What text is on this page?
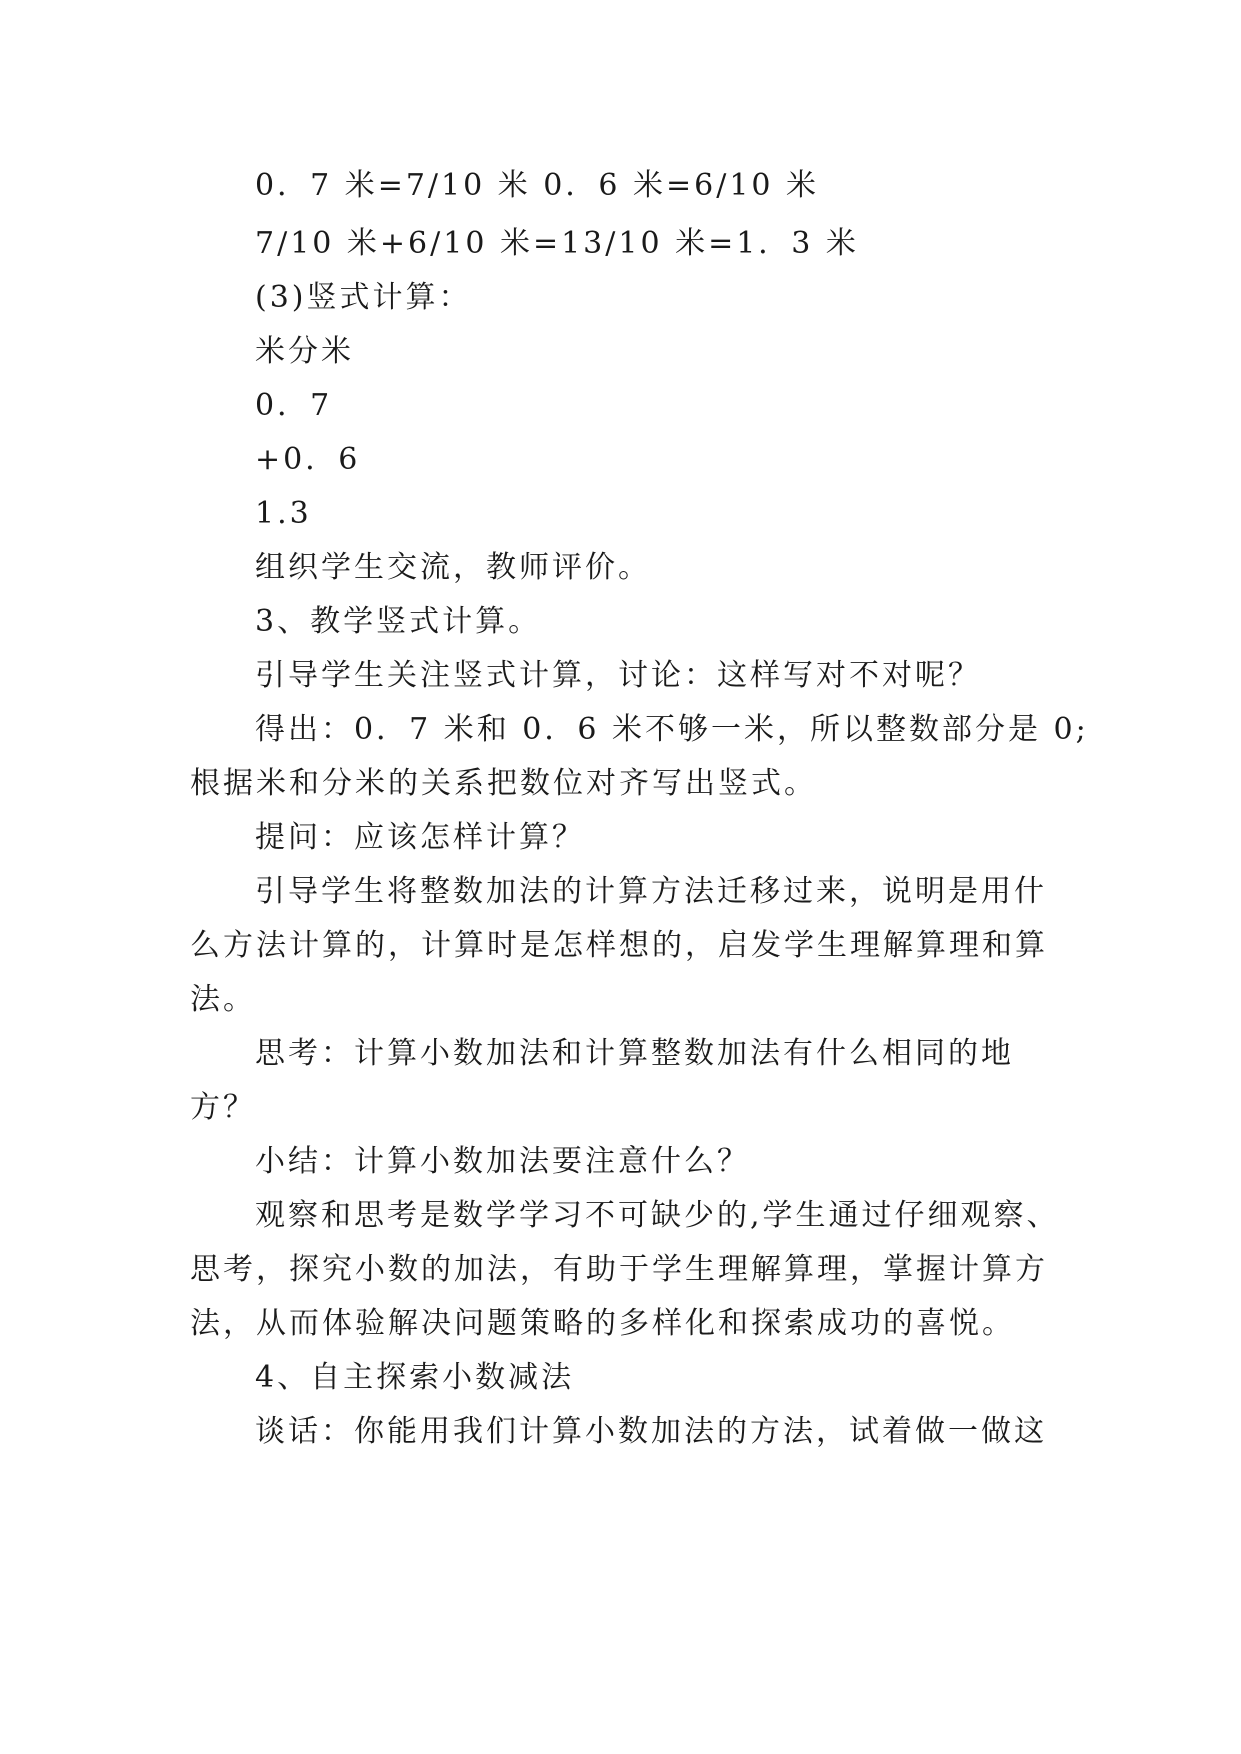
0．7 米=7/10 米 0．6 米=6/10 米
7/10 米+6/10 米=13/10 米=1．3 米
(3)竖式计算：
米分米
0．7
+0．6
1.3
组织学生交流，教师评价。
3、教学竖式计算。
引导学生关注竖式计算，讨论：这样写对不对呢？
得出：0．7 米和 0．6 米不够一米，所以整数部分是 0;
根据米和分米的关系把数位对齐写出竖式。
提问：应该怎样计算？
引导学生将整数加法的计算方法迁移过来，说明是用什
么方法计算的，计算时是怎样想的，启发学生理解算理和算
法。
思考：计算小数加法和计算整数加法有什么相同的地
方？
小结：计算小数加法要注意什么？
观察和思考是数学学习不可缺少的,学生通过仔细观察、
思考，探究小数的加法，有助于学生理解算理，掌握计算方
法，从而体验解决问题策略的多样化和探索成功的喜悦。
4、自主探索小数减法
谈话：你能用我们计算小数加法的方法，试着做一做这
